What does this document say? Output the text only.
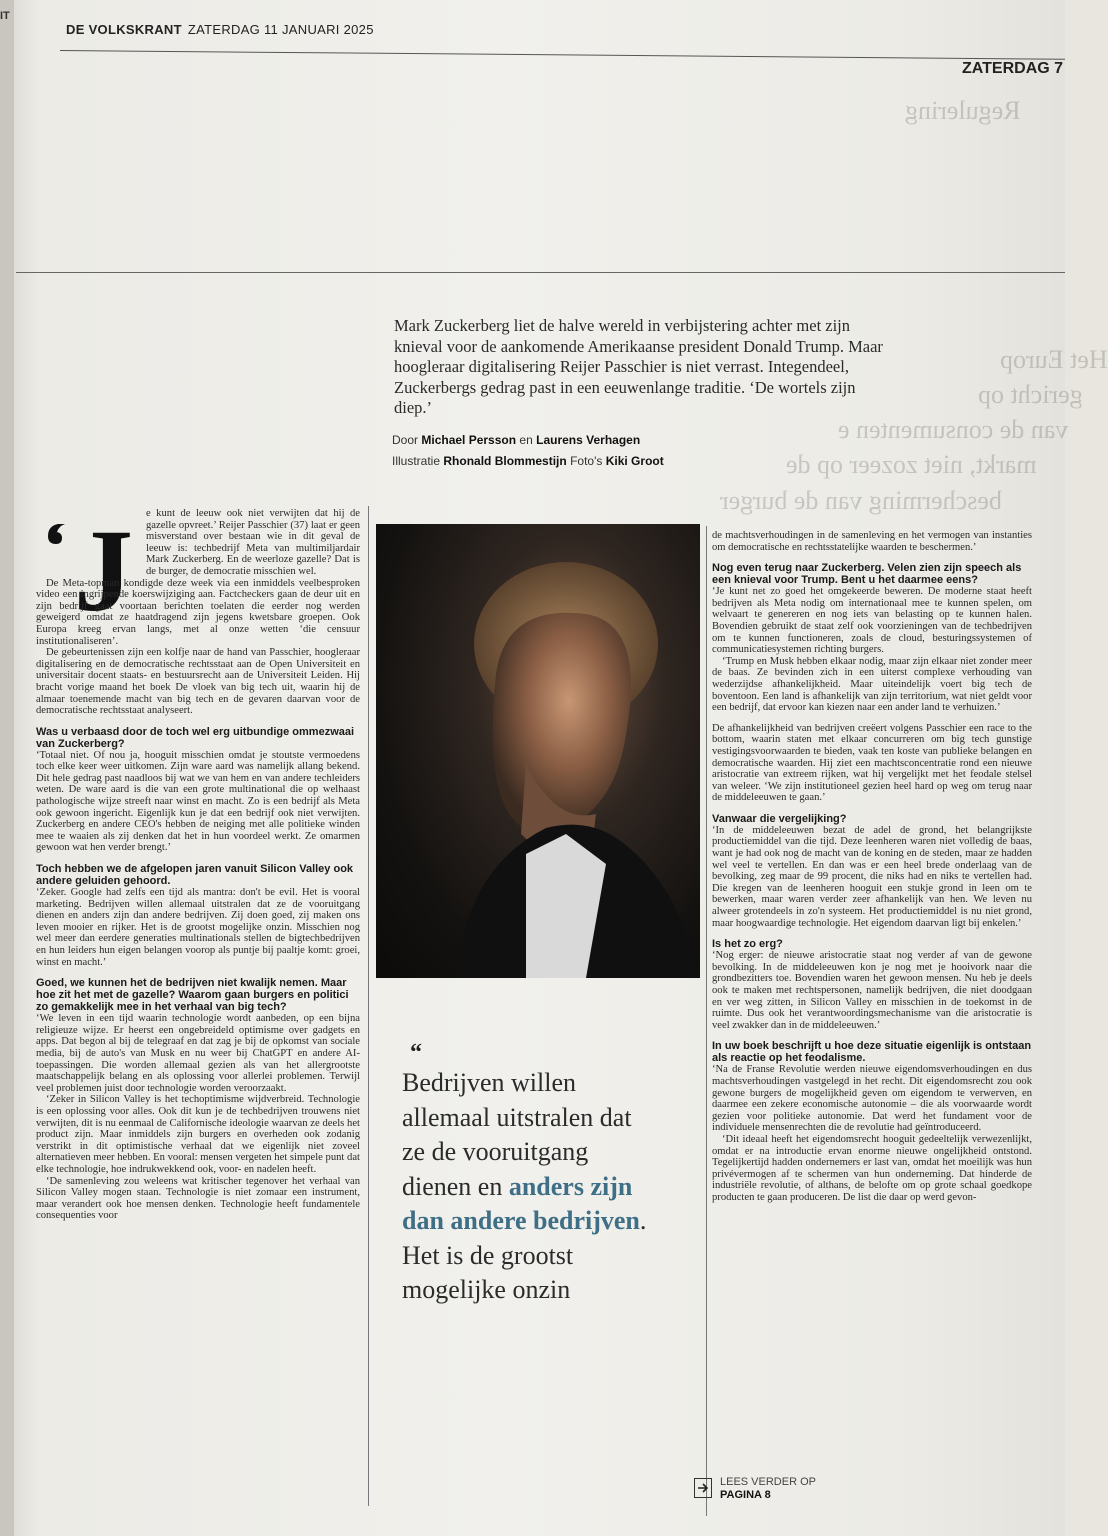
IT
DE VOLKSKRANT ZATERDAG 11 JANUARI 2025
ZATERDAG 7
Regulering
Het Europ
gericht op
van de consumenten e
markt, niet zozeer op de
bescherming van de burger
Mark Zuckerberg liet de halve wereld in verbijstering achter met zijn knieval voor de aankomende Amerikaanse president Donald Trump. Maar hoogleraar digitalisering Reijer Passchier is niet verrast. Integendeel, Zuckerbergs gedrag past in een eeuwenlange traditie. ‘De wortels zijn diep.’
Door Michael Persson en Laurens Verhagen
Illustratie Rhonald Blommestijn Foto's Kiki Groot
J e kunt de leeuw ook niet verwijten dat hij de gazelle opvreet.’ Reijer Passchier (37) laat er geen misverstand over bestaan wie in dit geval de leeuw is: techbedrijf Meta van multimiljardair Mark Zuckerberg. En de weerloze gazelle? Dat is de burger, de democratie misschien wel.

De Meta-topman kondigde deze week via een inmiddels veelbesproken video een ingrijpende koerswijziging aan. Factcheckers gaan de deur uit en zijn bedrijf gaat voortaan berichten toelaten die eerder nog werden geweigerd omdat ze haatdragend zijn jegens kwetsbare groepen. Ook Europa kreeg ervan langs, met al onze wetten ‘die censuur institutionaliseren’.

De gebeurtenissen zijn een kolfje naar de hand van Passchier, hoogleraar digitalisering en de democratische rechtsstaat aan de Open Universiteit en universitair docent staats- en bestuursrecht aan de Universiteit Leiden. Hij bracht vorige maand het boek De vloek van big tech uit, waarin hij de almaar toenemende macht van big tech en de gevaren daarvan voor de democratische rechtsstaat analyseert.

Was u verbaasd door de toch wel erg uitbundige ommezwaai van Zuckerberg?

‘Totaal niet. Of nou ja, hooguit misschien omdat je stoutste vermoedens toch elke keer weer uitkomen. Zijn ware aard was namelijk allang bekend. Dit hele gedrag past naadloos bij wat we van hem en van andere techleiders weten. De ware aard is die van een grote multinational die op welhaast pathologische wijze streeft naar winst en macht. Zo is een bedrijf als Meta ook gewoon ingericht. Eigenlijk kun je dat een bedrijf ook niet verwijten. Zuckerberg en andere CEO's hebben de neiging met alle politieke winden mee te waaien als zij denken dat het in hun voordeel werkt. Ze omarmen gewoon wat hen verder brengt.’

Toch hebben we de afgelopen jaren vanuit Silicon Valley ook andere geluiden gehoord.

‘Zeker. Google had zelfs een tijd als mantra: don't be evil. Het is vooral marketing. Bedrijven willen allemaal uitstralen dat ze de vooruitgang dienen en anders zijn dan andere bedrijven. Zij doen goed, zij maken ons leven mooier en rijker. Het is de grootst mogelijke onzin. Misschien nog wel meer dan eerdere generaties multinationals stellen de bigtechbedrijven en hun leiders hun eigen belangen voorop als puntje bij paaltje komt: groei, winst en macht.’

Goed, we kunnen het de bedrijven niet kwalijk nemen. Maar hoe zit het met de gazelle? Waarom gaan burgers en politici zo gemakkelijk mee in het verhaal van big tech?

‘We leven in een tijd waarin technologie wordt aanbeden, op een bijna religieuze wijze. Er heerst een ongebreideld optimisme over gadgets en apps. Dat begon al bij de telegraaf en dat zag je bij de opkomst van sociale media, bij de auto's van Musk en nu weer bij ChatGPT en andere AI-toepassingen. Die worden allemaal gezien als van het allergrootste maatschappelijk belang en als oplossing voor allerlei problemen. Terwijl veel problemen juist door technologie worden veroorzaakt.

‘Zeker in Silicon Valley is het techoptimisme wijdverbreid. Technologie is een oplossing voor alles. Ook dit kun je de techbedrijven trouwens niet verwijten, dit is nu eenmaal de Californische ideologie waarvan ze deels het product zijn. Maar inmiddels zijn burgers en overheden ook zodanig verstrikt in dit optimistische verhaal dat we eigenlijk niet zoveel alternatieven meer hebben. En vooral: mensen vergeten het simpele punt dat elke technologie, hoe indrukwekkend ook, voor- en nadelen heeft.

‘De samenleving zou weleens wat kritischer tegenover het verhaal van Silicon Valley mogen staan. Technologie is niet zomaar een instrument, maar verandert ook hoe mensen denken. Technologie heeft fundamentele consequenties voor

“
Bedrijven willen allemaal uitstralen dat ze de vooruitgang dienen en anders zijn dan andere bedrijven. Het is de grootst mogelijke onzin

de machtsverhoudingen in de samenleving en het vermogen van instanties om democratische en rechtsstatelijke waarden te beschermen.’

Nog even terug naar Zuckerberg. Velen zien zijn speech als een knieval voor Trump. Bent u het daarmee eens?

‘Je kunt net zo goed het omgekeerde beweren. De moderne staat heeft bedrijven als Meta nodig om internationaal mee te kunnen spelen, om welvaart te genereren en nog iets van belasting op te kunnen halen. Bovendien gebruikt de staat zelf ook voorzieningen van de techbedrijven om te kunnen functioneren, zoals de cloud, besturingssystemen of communicatiesystemen richting burgers.

‘Trump en Musk hebben elkaar nodig, maar zijn elkaar niet zonder meer de baas. Ze bevinden zich in een uiterst complexe verhouding van wederzijdse afhankelijkheid. Maar uiteindelijk voert big tech de boventoon. Een land is afhankelijk van zijn territorium, wat niet geldt voor een bedrijf, dat ervoor kan kiezen naar een ander land te verhuizen.’

De afhankelijkheid van bedrijven creëert volgens Passchier een race to the bottom, waarin staten met elkaar concurreren om big tech gunstige vestigingsvoorwaarden te bieden, vaak ten koste van publieke belangen en democratische waarden. Hij ziet een machtsconcentratie rond een nieuwe aristocratie van extreem rijken, wat hij vergelijkt met het feodale stelsel van weleer. ‘We zijn institutioneel gezien heel hard op weg om terug naar de middeleeuwen te gaan.’

Vanwaar die vergelijking?

‘In de middeleeuwen bezat de adel de grond, het belangrijkste productiemiddel van die tijd. Deze leenheren waren niet volledig de baas, want je had ook nog de macht van de koning en de steden, maar ze hadden wel veel te vertellen. En dan was er een heel brede onderlaag van de bevolking, zeg maar de 99 procent, die niks had en niks te vertellen had. Die kregen van de leenheren hooguit een stukje grond in leen om te bewerken, maar waren verder zeer afhankelijk van hen. We leven nu alweer grotendeels in zo'n systeem. Het productiemiddel is nu niet grond, maar hoogwaardige technologie. Het eigendom daarvan ligt bij enkelen.’

Is het zo erg?

‘Nog erger: de nieuwe aristocratie staat nog verder af van de gewone bevolking. In de middeleeuwen kon je nog met je hooivork naar die grondbezitters toe. Bovendien waren het gewoon mensen. Nu heb je deels ook te maken met rechtspersonen, namelijk bedrijven, die niet doodgaan en ver weg zitten, in Silicon Valley en misschien in de toekomst in de ruimte. Dus ook het verantwoordingsmechanisme van die aristocratie is veel zwakker dan in de middeleeuwen.’

In uw boek beschrijft u hoe deze situatie eigenlijk is ontstaan als reactie op het feodalisme.

‘Na de Franse Revolutie werden nieuwe eigendomsverhoudingen en dus machtsverhoudingen vastgelegd in het recht. Dit eigendomsrecht zou ook gewone burgers de mogelijkheid geven om eigendom te verwerven, en daarmee een zekere economische autonomie – die als voorwaarde wordt gezien voor politieke autonomie. Dat werd het fundament voor de individuele mensenrechten die de revolutie had geïntroduceerd.

‘Dit ideaal heeft het eigendomsrecht hooguit gedeeltelijk verwezenlijkt, omdat er na introductie ervan enorme nieuwe ongelijkheid ontstond. Tegelijkertijd hadden ondernemers er last van, omdat het moeilijk was hun privévermogen af te schermen van hun onderneming. Dat hinderde de industriële revolutie, of althans, de belofte om op grote schaal goedkope producten te gaan produceren. De list die daar op werd gevon-

LEES VERDER OP
PAGINA 8
